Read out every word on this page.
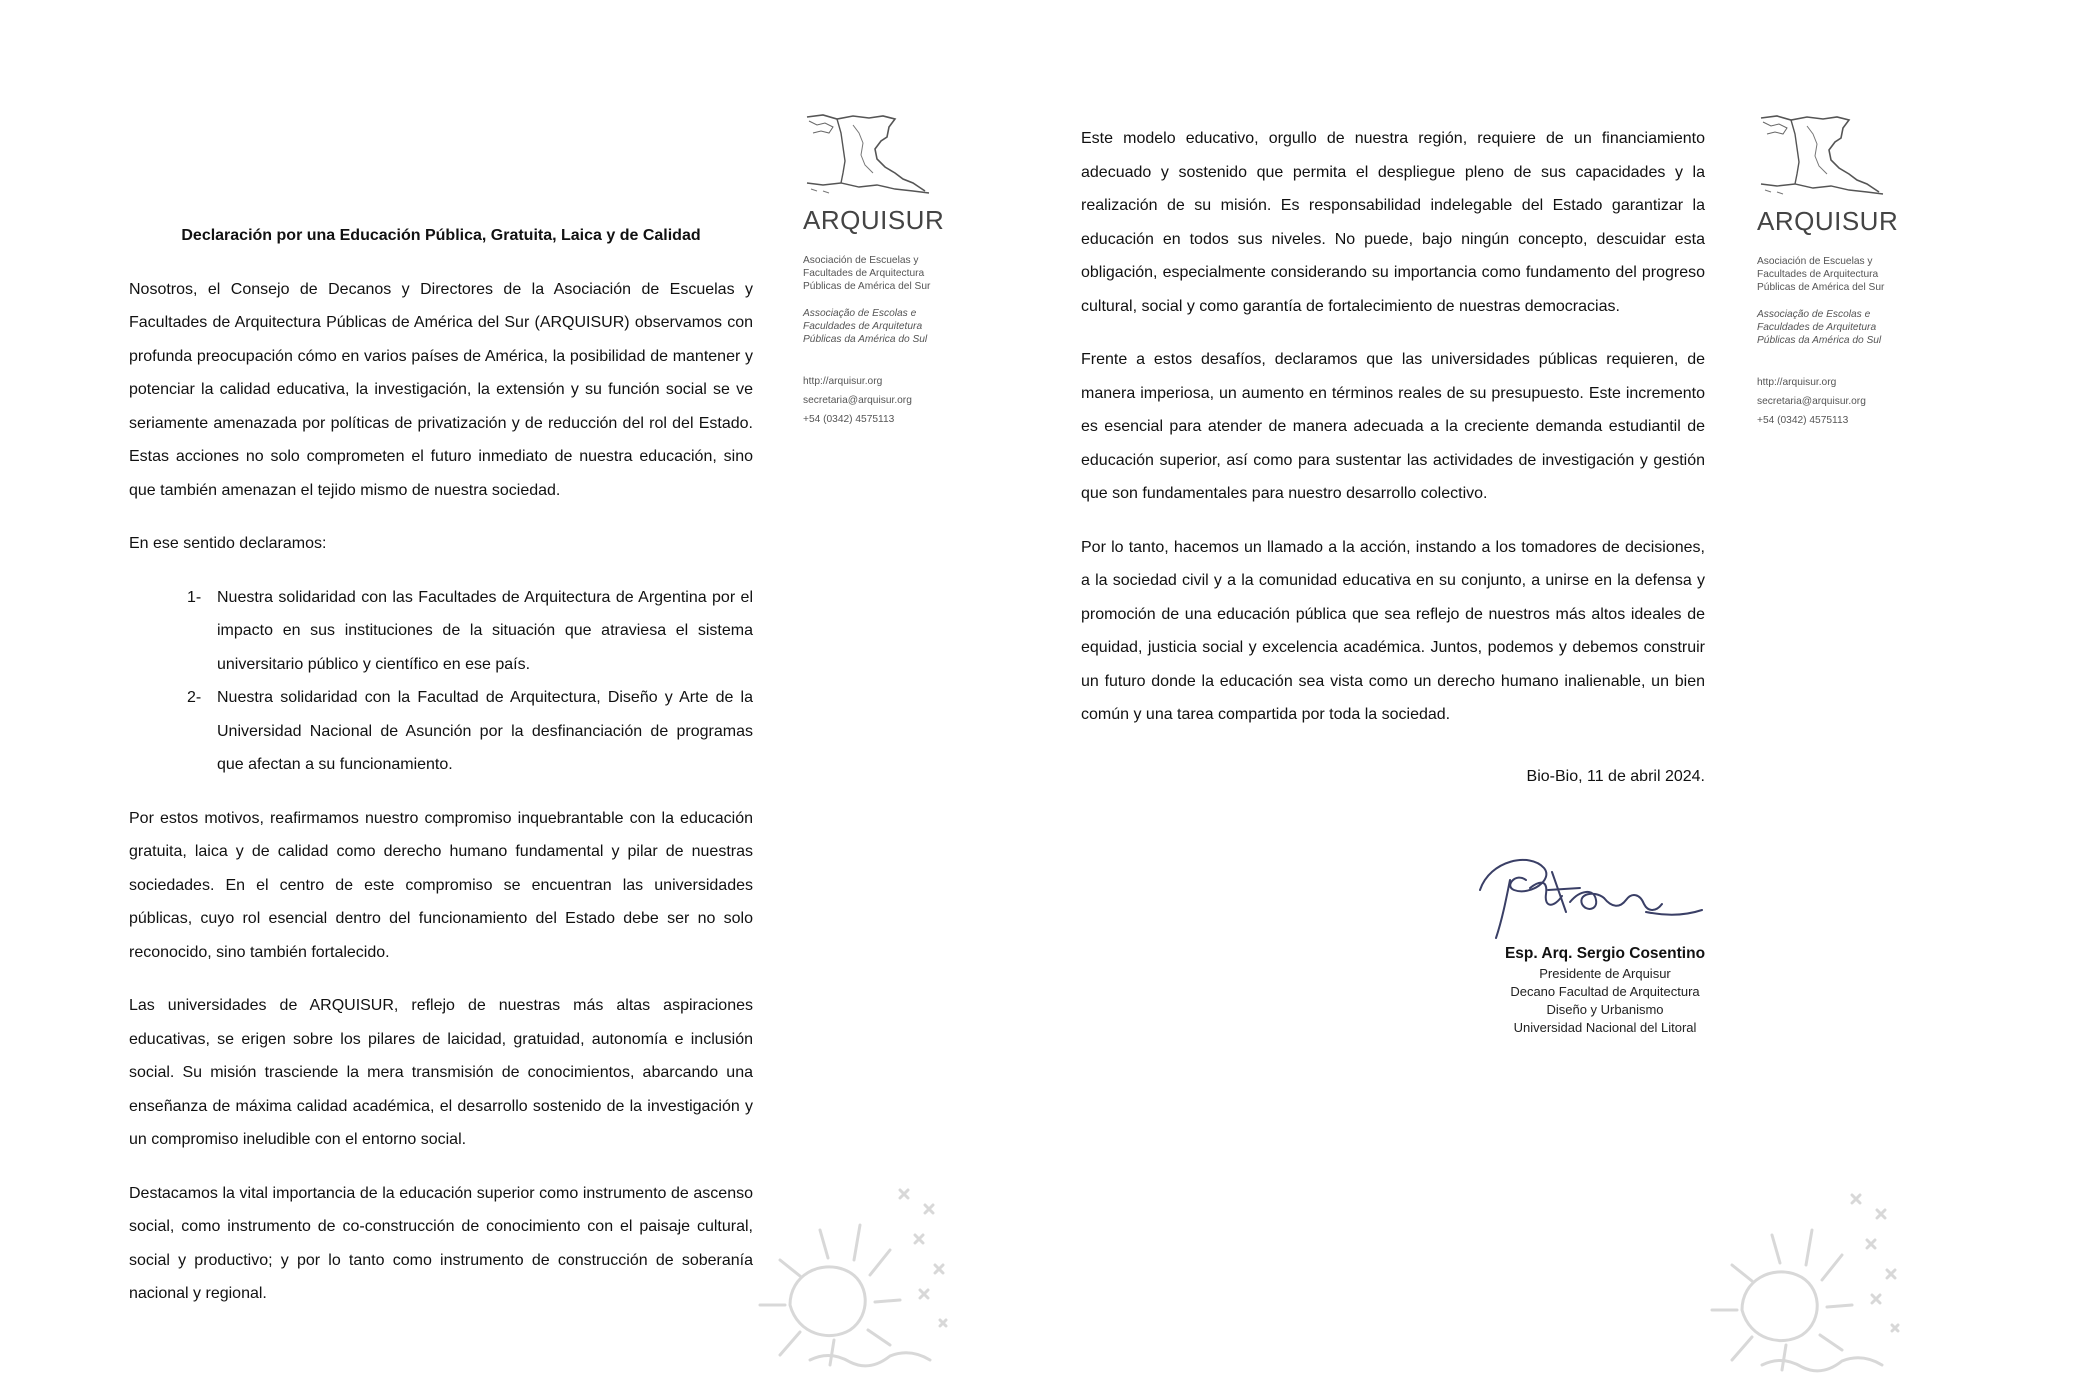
ARQUISUR
Asociación de Escuelas y
Facultades de Arquitectura
Públicas de América del Sur
Associação de Escolas e
Faculdades de Arquitetura
Públicas da América do Sul
http://arquisur.org
secretaria@arquisur.org
+54 (0342) 4575113
Declaración por una Educación Pública, Gratuita, Laica y de Calidad

Nosotros, el Consejo de Decanos y Directores de la Asociación de Escuelas y Facultades de Arquitectura Públicas de América del Sur (ARQUISUR) observamos con profunda preocupación cómo en varios países de América, la posibilidad de mantener y potenciar la calidad educativa, la investigación, la extensión y su función social se ve seriamente amenazada por políticas de privatización y de reducción del rol del Estado. Estas acciones no solo comprometen el futuro inmediato de nuestra educación, sino que también amenazan el tejido mismo de nuestra sociedad.

En ese sentido declaramos:

1- Nuestra solidaridad con las Facultades de Arquitectura de Argentina por el impacto en sus instituciones de la situación que atraviesa el sistema universitario público y científico en ese país.
2- Nuestra solidaridad con la Facultad de Arquitectura, Diseño y Arte de la Universidad Nacional de Asunción por la desfinanciación de programas que afectan a su funcionamiento.

Por estos motivos, reafirmamos nuestro compromiso inquebrantable con la educación gratuita, laica y de calidad como derecho humano fundamental y pilar de nuestras sociedades. En el centro de este compromiso se encuentran las universidades públicas, cuyo rol esencial dentro del funcionamiento del Estado debe ser no solo reconocido, sino también fortalecido.

Las universidades de ARQUISUR, reflejo de nuestras más altas aspiraciones educativas, se erigen sobre los pilares de laicidad, gratuidad, autonomía e inclusión social. Su misión trasciende la mera transmisión de conocimientos, abarcando una enseñanza de máxima calidad académica, el desarrollo sostenido de la investigación y un compromiso ineludible con el entorno social.

Destacamos la vital importancia de la educación superior como instrumento de ascenso social, como instrumento de co-construcción de conocimiento con el paisaje cultural, social y productivo; y por lo tanto como instrumento de construcción de soberanía nacional y regional.

ARQUISUR
Asociación de Escuelas y
Facultades de Arquitectura
Públicas de América del Sur
Associação de Escolas e
Faculdades de Arquitetura
Públicas da América do Sul
http://arquisur.org
secretaria@arquisur.org
+54 (0342) 4575113

Este modelo educativo, orgullo de nuestra región, requiere de un financiamiento adecuado y sostenido que permita el despliegue pleno de sus capacidades y la realización de su misión. Es responsabilidad indelegable del Estado garantizar la educación en todos sus niveles. No puede, bajo ningún concepto, descuidar esta obligación, especialmente considerando su importancia como fundamento del progreso cultural, social y como garantía de fortalecimiento de nuestras democracias.

Frente a estos desafíos, declaramos que las universidades públicas requieren, de manera imperiosa, un aumento en términos reales de su presupuesto. Este incremento es esencial para atender de manera adecuada a la creciente demanda estudiantil de educación superior, así como para sustentar las actividades de investigación y gestión que son fundamentales para nuestro desarrollo colectivo.

Por lo tanto, hacemos un llamado a la acción, instando a los tomadores de decisiones, a la sociedad civil y a la comunidad educativa en su conjunto, a unirse en la defensa y promoción de una educación pública que sea reflejo de nuestros más altos ideales de equidad, justicia social y excelencia académica. Juntos, podemos y debemos construir un futuro donde la educación sea vista como un derecho humano inalienable, un bien común y una tarea compartida por toda la sociedad.

Bio-Bio, 11 de abril 2024.
Esp. Arq. Sergio Cosentino
Presidente de Arquisur
Decano Facultad de Arquitectura
Diseño y Urbanismo
Universidad Nacional del Litoral
